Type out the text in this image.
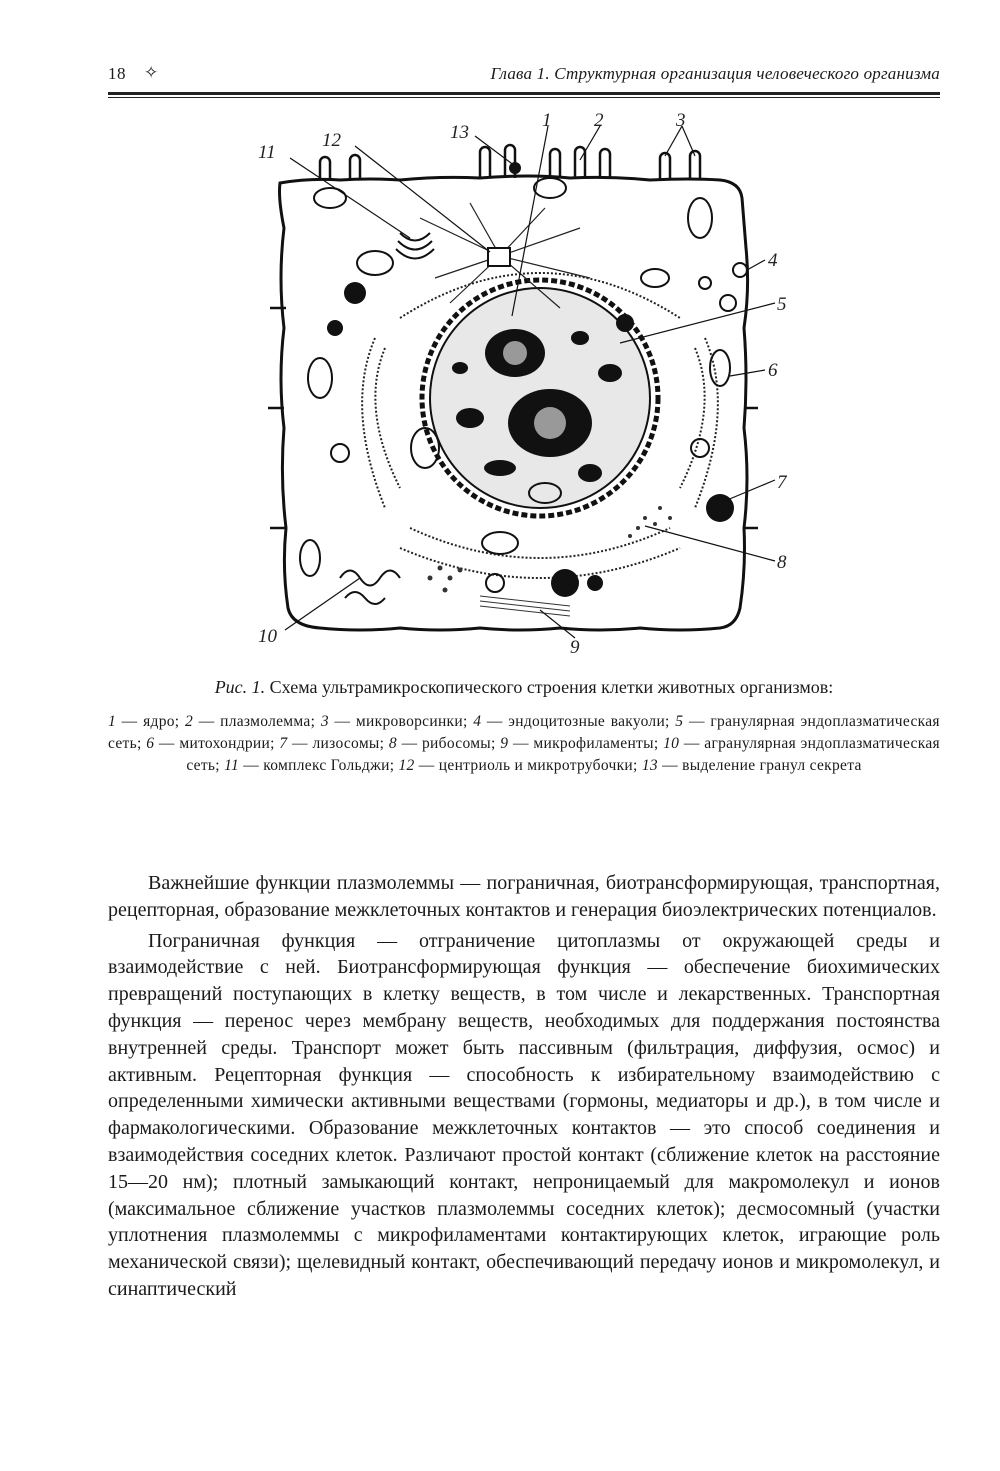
18 ✧	Глава 1. Структурная организация человеческого организма
1 2	3
4
5
6
7
8
9
10
11
12	13
Рис. 1. Схема ультрамикроскопического строения клетки животных организмов:
1 — ядро; 2 — плазмолемма; 3 — микроворсинки; 4 — эндоцитозные вакуоли; 5 — гранулярная эндоплазматическая сеть; 6 — митохондрии; 7 — лизосомы; 8 — рибосомы; 9 — микрофиламенты; 10 — агранулярная эндоплазматическая сеть; 11 — комплекс Гольджи; 12 — центриоль и микротрубочки; 13 — выделение гранул секрета

Важнейшие функции плазмолеммы — пограничная, биотрансформирующая, транспортная, рецепторная, образование межклеточных контактов и генерация биоэлектрических потенциалов.

Пограничная функция — отграничение цитоплазмы от окружающей среды и взаимодействие с ней. Биотрансформирующая функция — обеспечение биохимических превращений поступающих в клетку веществ, в том числе и лекарственных. Транспортная функция — перенос через мембрану веществ, необходимых для поддержания постоянства внутренней среды. Транспорт может быть пассивным (фильтрация, диффузия, осмос) и активным. Рецепторная функция — способность к избирательному взаимодействию с определенными химически активными веществами (гормоны, медиаторы и др.), в том числе и фармакологическими. Образование межклеточных контактов — это способ соединения и взаимодействия соседних клеток. Различают простой контакт (сближение клеток на расстояние 15—20 нм); плотный замыкающий контакт, непроницаемый для макромолекул и ионов (максимальное сближение участков плазмолеммы соседних клеток); десмосомный (участки уплотнения плазмолеммы с микрофиламентами контактирующих клеток, играющие роль механической связи); щелевидный контакт, обеспечивающий передачу ионов и микромолекул, и синаптический
